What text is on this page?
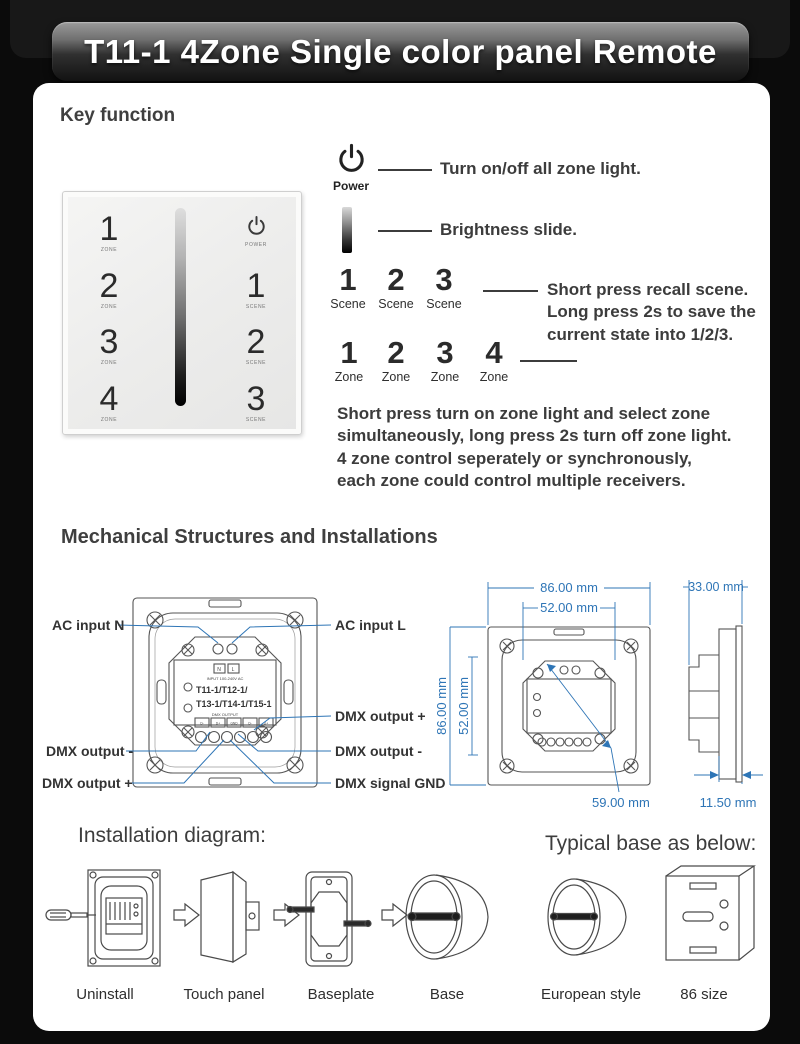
T11-1 4Zone Single color panel Remote
Key function
1
ZONE
2
ZONE
3
ZONE
4
ZONE
POWER
1
SCENE
2
SCENE
3
SCENE
Power
Turn on/off all zone light.
Brightness slide.
1
Scene
2
Scene
3
Scene
Short press recall scene.
Long press 2s to save the
current state into 1/2/3.
1
Zone
2
Zone
3
Zone
4
Zone
Short press turn on zone light and select zone
simultaneously, long press 2s turn off zone light.
4 zone control seperately or synchronously,
each zone could control multiple receivers.
Mechanical Structures and Installations
N L
INPUT 100-240V AC
T11-1/T12-1/
T13-1/T14-1/T15-1
DMX OUTPUT
D-	D+	GND	D-	D+
AC input N
DMX output -
DMX output +
AC input L
DMX output +
DMX output -
DMX signal GND
86.00 mm
52.00 mm
86.00 mm 52.00 mm
59.00 mm
33.00 mm
11.50 mm
Installation diagram:	Typical base as below:
Uninstall	Touch panel	Baseplate	Base	European style	86 size
